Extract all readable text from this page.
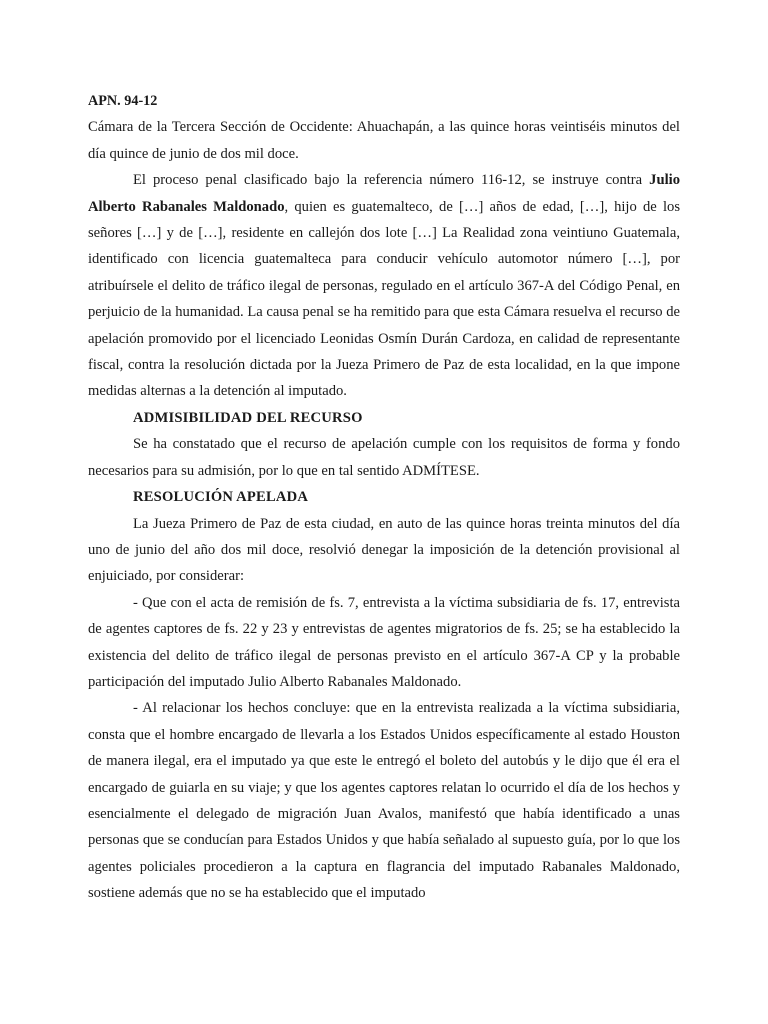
APN. 94-12

Cámara de la Tercera Sección de Occidente: Ahuachapán, a las quince horas veintiséis minutos del día quince de junio de dos mil doce.

El proceso penal clasificado bajo la referencia número 116-12, se instruye contra Julio Alberto Rabanales Maldonado, quien es guatemalteco, de […] años de edad, […], hijo de los señores […] y de […], residente en callejón dos lote […] La Realidad zona veintiuno Guatemala, identificado con licencia guatemalteca para conducir vehículo automotor número […], por atribuírsele el delito de tráfico ilegal de personas, regulado en el artículo 367-A del Código Penal, en perjuicio de la humanidad. La causa penal se ha remitido para que esta Cámara resuelva el recurso de apelación promovido por el licenciado Leonidas Osmín Durán Cardoza, en calidad de representante fiscal, contra la resolución dictada por la Jueza Primero de Paz de esta localidad, en la que impone medidas alternas a la detención al imputado.

ADMISIBILIDAD DEL RECURSO

Se ha constatado que el recurso de apelación cumple con los requisitos de forma y fondo necesarios para su admisión, por lo que en tal sentido ADMÍTESE.

RESOLUCIÓN APELADA

La Jueza Primero de Paz de esta ciudad, en auto de las quince horas treinta minutos del día uno de junio del año dos mil doce, resolvió denegar la imposición de la detención provisional al enjuiciado, por considerar:

- Que con el acta de remisión de fs. 7, entrevista a la víctima subsidiaria de fs. 17, entrevista de agentes captores de fs. 22 y 23 y entrevistas de agentes migratorios de fs. 25; se ha establecido la existencia del delito de tráfico ilegal de personas previsto en el artículo 367-A CP y la probable participación del imputado Julio Alberto Rabanales Maldonado.

- Al relacionar los hechos concluye: que en la entrevista realizada a la víctima subsidiaria, consta que el hombre encargado de llevarla a los Estados Unidos específicamente al estado Houston de manera ilegal, era el imputado ya que este le entregó el boleto del autobús y le dijo que él era el encargado de guiarla en su viaje; y que los agentes captores relatan lo ocurrido el día de los hechos y esencialmente el delegado de migración Juan Avalos, manifestó que había identificado a unas personas que se conducían para Estados Unidos y que había señalado al supuesto guía, por lo que los agentes policiales procedieron a la captura en flagrancia del imputado Rabanales Maldonado, sostiene además que no se ha establecido que el imputado
